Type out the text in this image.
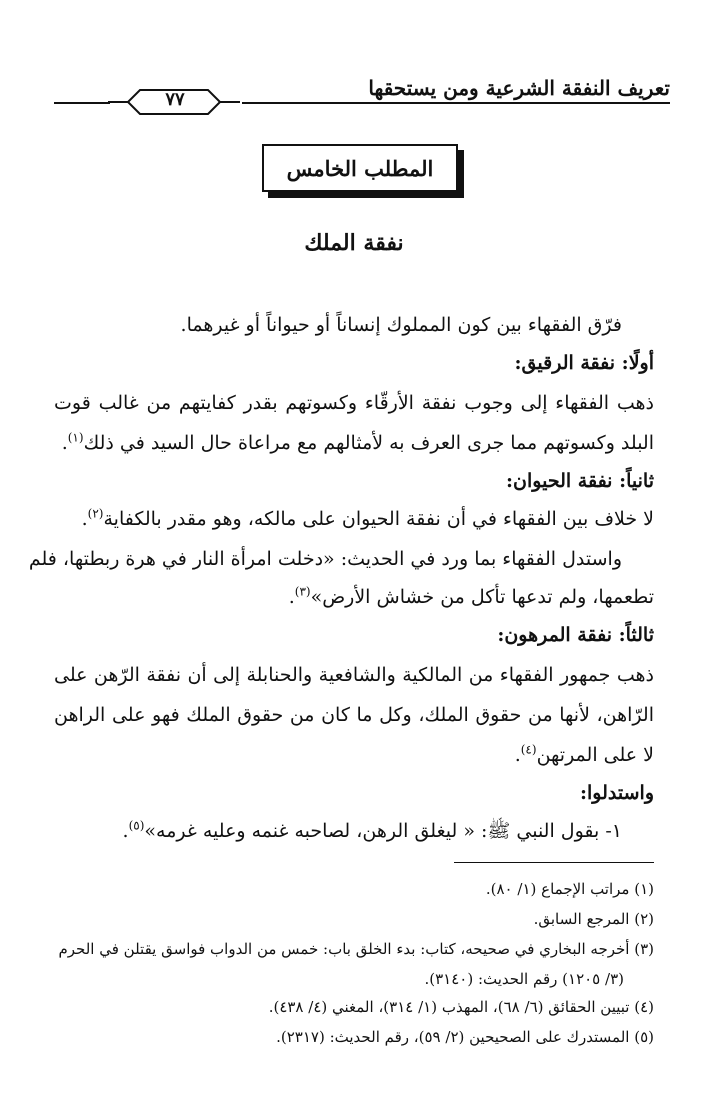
تعريف النفقة الشرعية ومن يستحقها
٧٧
المطلب الخامس
نفقة الملك
فرّق الفقهاء بين كون المملوك إنساناً أو حيواناً أو غيرهما.
أولًا: نفقة الرقيق:
ذهب الفقهاء إلى وجوب نفقة الأرقّاء وكسوتهم بقدر كفايتهم من غالب قوت
البلد وكسوتهم مما جرى العرف به لأمثالهم مع مراعاة حال السيد في ذلك$^{(١)}$.
ثانياً: نفقة الحيوان:
لا خلاف بين الفقهاء في أن نفقة الحيوان على مالكه، وهو مقدر بالكفاية$^{(٢)}$.
واستدل الفقهاء بما ورد في الحديث: «دخلت امرأة النار في هرة ربطتها، فلم
تطعمها، ولم تدعها تأكل من خشاش الأرض»$^{(٣)}$.
ثالثاً: نفقة المرهون:
ذهب جمهور الفقهاء من المالكية والشافعية والحنابلة إلى أن نفقة الرّهن على
الرّاهن، لأنها من حقوق الملك، وكل ما كان من حقوق الملك فهو على الراهن
لا على المرتهن$^{(٤)}$.
واستدلوا:
١- بقول النبي ﷺ: « ليغلق الرهن، لصاحبه غنمه وعليه غرمه»$^{(٥)}$.
(١) مراتب الإجماع (١/ ٨٠).
(٢) المرجع السابق.
(٣) أخرجه البخاري في صحيحه، كتاب: بدء الخلق باب: خمس من الدواب فواسق يقتلن في الحرم
(٣/ ١٢٠٥) رقم الحديث: (٣١٤٠).
(٤) تبيين الحقائق (٦/ ٦٨)، المهذب (١/ ٣١٤)، المغني (٤/ ٤٣٨).
(٥) المستدرك على الصحيحين (٢/ ٥٩)، رقم الحديث: (٢٣١٧).
